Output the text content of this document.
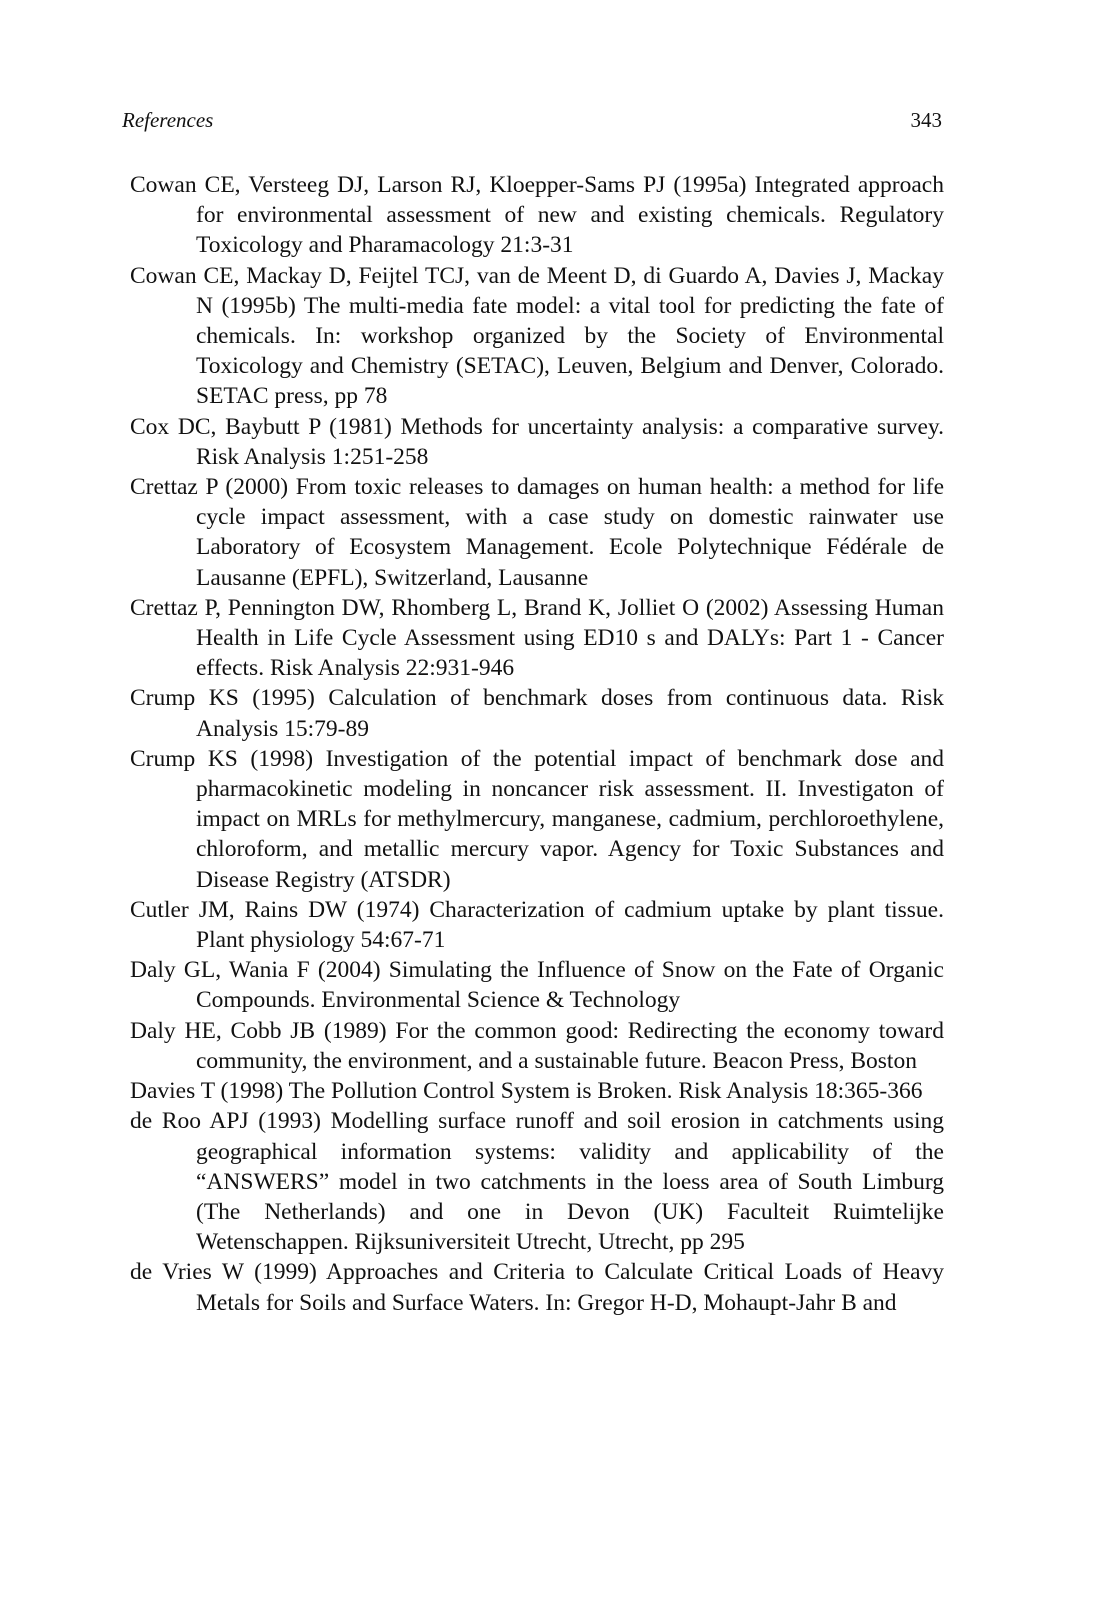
References	343
Cowan CE, Versteeg DJ, Larson RJ, Kloepper-Sams PJ (1995a) Integrated approach for environmental assessment of new and existing chemicals. Regulatory Toxicology and Pharamacology 21:3-31
Cowan CE, Mackay D, Feijtel TCJ, van de Meent D, di Guardo A, Davies J, Mackay N (1995b) The multi-media fate model: a vital tool for predicting the fate of chemicals. In: workshop organized by the Society of Environmental Toxicology and Chemistry (SETAC), Leuven, Belgium and Denver, Colorado. SETAC press, pp 78
Cox DC, Baybutt P (1981) Methods for uncertainty analysis: a comparative survey. Risk Analysis 1:251-258
Crettaz P (2000) From toxic releases to damages on human health: a method for life cycle impact assessment, with a case study on domestic rainwater use Laboratory of Ecosystem Management. Ecole Polytechnique Fédérale de Lausanne (EPFL), Switzerland, Lausanne
Crettaz P, Pennington DW, Rhomberg L, Brand K, Jolliet O (2002) Assessing Human Health in Life Cycle Assessment using ED10 s and DALYs: Part 1 - Cancer effects. Risk Analysis 22:931-946
Crump KS (1995) Calculation of benchmark doses from continuous data. Risk Analysis 15:79-89
Crump KS (1998) Investigation of the potential impact of benchmark dose and pharmacokinetic modeling in noncancer risk assessment. II. Investigaton of impact on MRLs for methylmercury, manganese, cadmium, perchloroethylene, chloroform, and metallic mercury vapor. Agency for Toxic Substances and Disease Registry (ATSDR)
Cutler JM, Rains DW (1974) Characterization of cadmium uptake by plant tissue. Plant physiology 54:67-71
Daly GL, Wania F (2004) Simulating the Influence of Snow on the Fate of Organic Compounds. Environmental Science & Technology
Daly HE, Cobb JB (1989) For the common good: Redirecting the economy toward community, the environment, and a sustainable future. Beacon Press, Boston
Davies T (1998) The Pollution Control System is Broken. Risk Analysis 18:365-366
de Roo APJ (1993) Modelling surface runoff and soil erosion in catchments using geographical information systems: validity and applicability of the “ANSWERS” model in two catchments in the loess area of South Limburg (The Netherlands) and one in Devon (UK) Faculteit Ruimtelijke Wetenschappen. Rijksuniversiteit Utrecht, Utrecht, pp 295
de Vries W (1999) Approaches and Criteria to Calculate Critical Loads of Heavy Metals for Soils and Surface Waters. In: Gregor H-D, Mohaupt-Jahr B and
